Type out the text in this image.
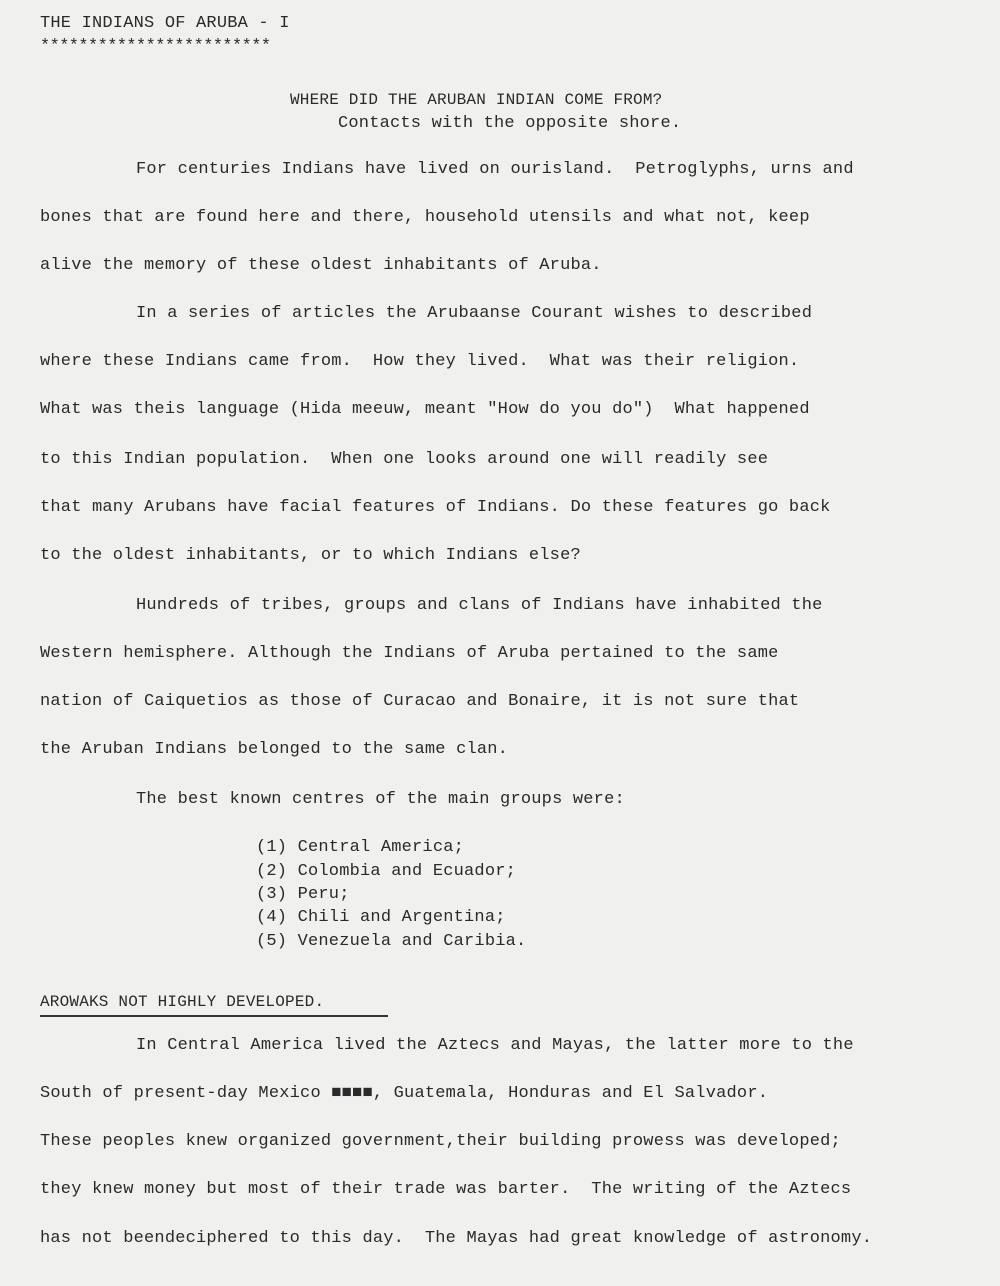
THE INDIANS OF ARUBA - I
************************
WHERE DID THE ARUBAN INDIAN COME FROM?
Contacts with the opposite shore.
For centuries Indians have lived on ourisland.  Petroglyphs, urns and
bones that are found here and there, household utensils and what not, keep
alive the memory of these oldest inhabitants of Aruba.
In a series of articles the Arubaanse Courant wishes to described
where these Indians came from.  How they lived.  What was their religion.
What was theis language (Hida meeuw, meant "How do you do")  What happened
to this Indian population.  When one looks around one will readily see
that many Arubans have facial features of Indians. Do these features go back
to the oldest inhabitants, or to which Indians else?
Hundreds of tribes, groups and clans of Indians have inhabited the
Western hemisphere. Although the Indians of Aruba pertained to the same
nation of Caiquetios as those of Curacao and Bonaire, it is not sure that
the Aruban Indians belonged to the same clan.
The best known centres of the main groups were:
(1) Central America;
(2) Colombia and Ecuador;
(3) Peru;
(4) Chili and Argentina;
(5) Venezuela and Caribia.
AROWAKS NOT HIGHLY DEVELOPED.
In Central America lived the Aztecs and Mayas, the latter more to the
South of present-day Mexico ■■■■, Guatemala, Honduras and El Salvador.
These peoples knew organized government,their building prowess was developed;
they knew money but most of their trade was barter.  The writing of the Aztecs
has not beendeciphered to this day.  The Mayas had great knowledge of astronomy.
